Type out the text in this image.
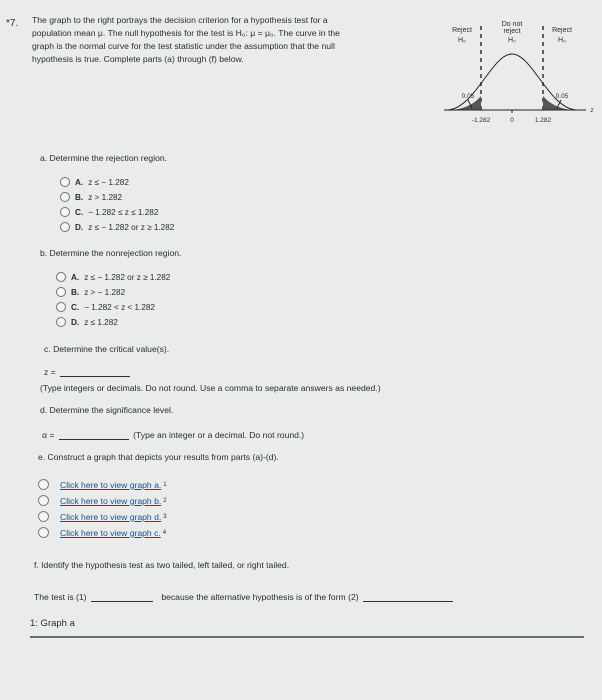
*7. The graph to the right portrays the decision criterion for a hypothesis test for a
population mean μ. The null hypothesis for the test is H₀: μ = μ₀. The curve in the
graph is the normal curve for the test statistic under the assumption that the null
hypothesis is true. Complete parts (a) through (f) below.
Reject
H₀
Do not
reject
H₀
Reject
H₀
0.05	0.05
-1.282	0	1.282
z
a. Determine the rejection region.
A. z ≤ − 1.282
B. z > 1.282
C. − 1.282 ≤ z ≤ 1.282
D. z ≤ − 1.282 or z ≥ 1.282
b. Determine the nonrejection region.
A. z ≤ − 1.282 or z ≥ 1.282
B. z > − 1.282
C. − 1.282 < z < 1.282
D. z ≤ 1.282
c. Determine the critical value(s).
z =
(Type integers or decimals. Do not round. Use a comma to separate answers as needed.)
d. Determine the significance level.
α =	(Type an integer or a decimal. Do not round.)
e. Construct a graph that depicts your results from parts (a)-(d).
Click here to view graph a. 1
Click here to view graph b. 2
Click here to view graph d. 3
Click here to view graph c. 4
f. Identify the hypothesis test as two tailed, left tailed, or right tailed.
The test is (1)	because the alternative hypothesis is of the form (2)
1: Graph a
